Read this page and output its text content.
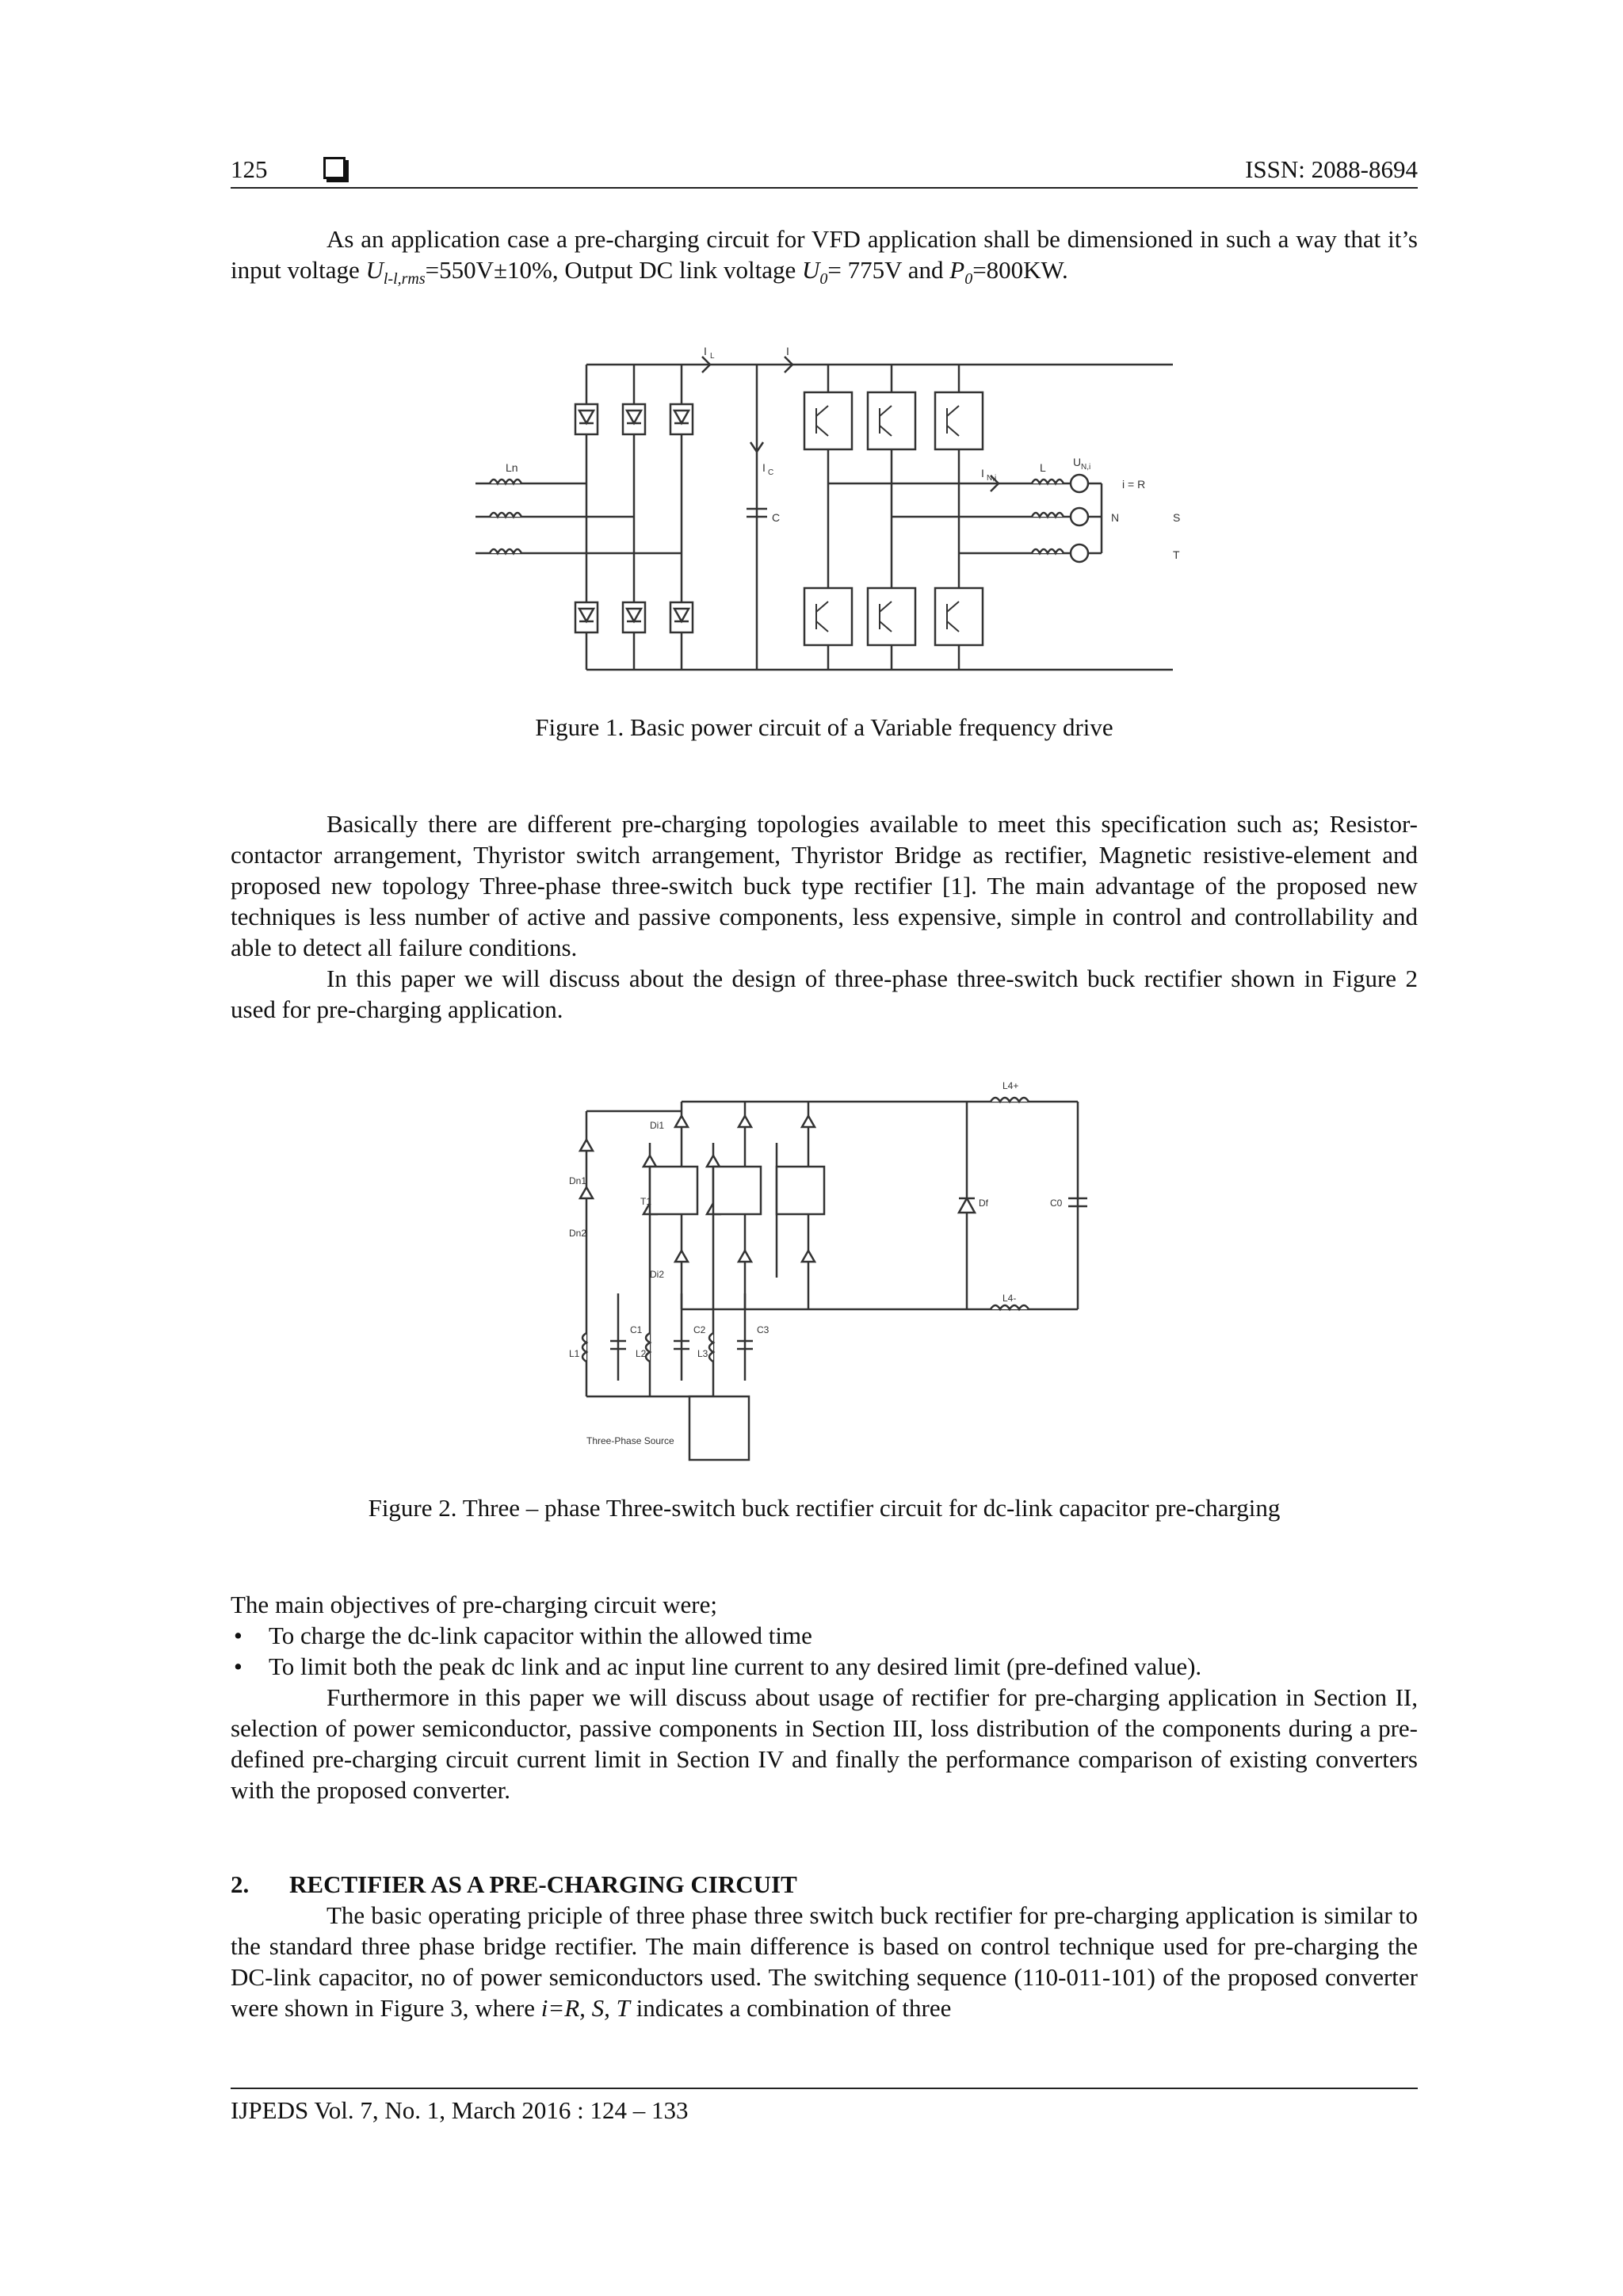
125	ISSN: 2088-8694
As an application case a pre-charging circuit for VFD application shall be dimensioned in such a way that it’s input voltage $U_{l-l,rms}=550V\pm 10\%$, Output DC link voltage $U_0= 775V$ and $P_0=800KW$.
I L	I
I C
C
Ln	I N,i
L U N,i
i = R
N	S
T
Figure 1. Basic power circuit of a Variable frequency drive
Basically there are different pre-charging topologies available to meet this specification such as; Resistor-contactor arrangement, Thyristor switch arrangement, Thyristor Bridge as rectifier, Magnetic resistive-element and proposed new topology Three-phase three-switch buck type rectifier [1]. The main advantage of the proposed new techniques is less number of active and passive components, less expensive, simple in control and controllability and able to detect all failure conditions.
In this paper we will discuss about the design of three-phase three-switch buck rectifier shown in Figure 2 used for pre-charging application.
Di1
Dn1
T1
Dn2
Di2
L1
C1
L2
C2
L3
C3
L4+
L4-
Df	C0
Three-Phase Source
Figure 2. Three – phase Three-switch buck rectifier circuit for dc-link capacitor pre-charging
The main objectives of pre-charging circuit were;
• To charge the dc-link capacitor within the allowed time
• To limit both the peak dc link and ac input line current to any desired limit (pre-defined value).
Furthermore in this paper we will discuss about usage of rectifier for pre-charging application in Section II, selection of power semiconductor, passive components in Section III, loss distribution of the components during a pre-defined pre-charging circuit current limit in Section IV and finally the performance comparison of existing converters with the proposed converter.
2. RECTIFIER AS A PRE-CHARGING CIRCUIT
The basic operating priciple of three phase three switch buck rectifier for pre-charging application is similar to the standard three phase bridge rectifier. The main difference is based on control technique used for pre-charging the DC-link capacitor, no of power semiconductors used. The switching sequence (110-011-101) of the proposed converter were shown in Figure 3, where i=R, S, T indicates a combination of three
IJPEDS Vol. 7, No. 1, March 2016 : 124 – 133
